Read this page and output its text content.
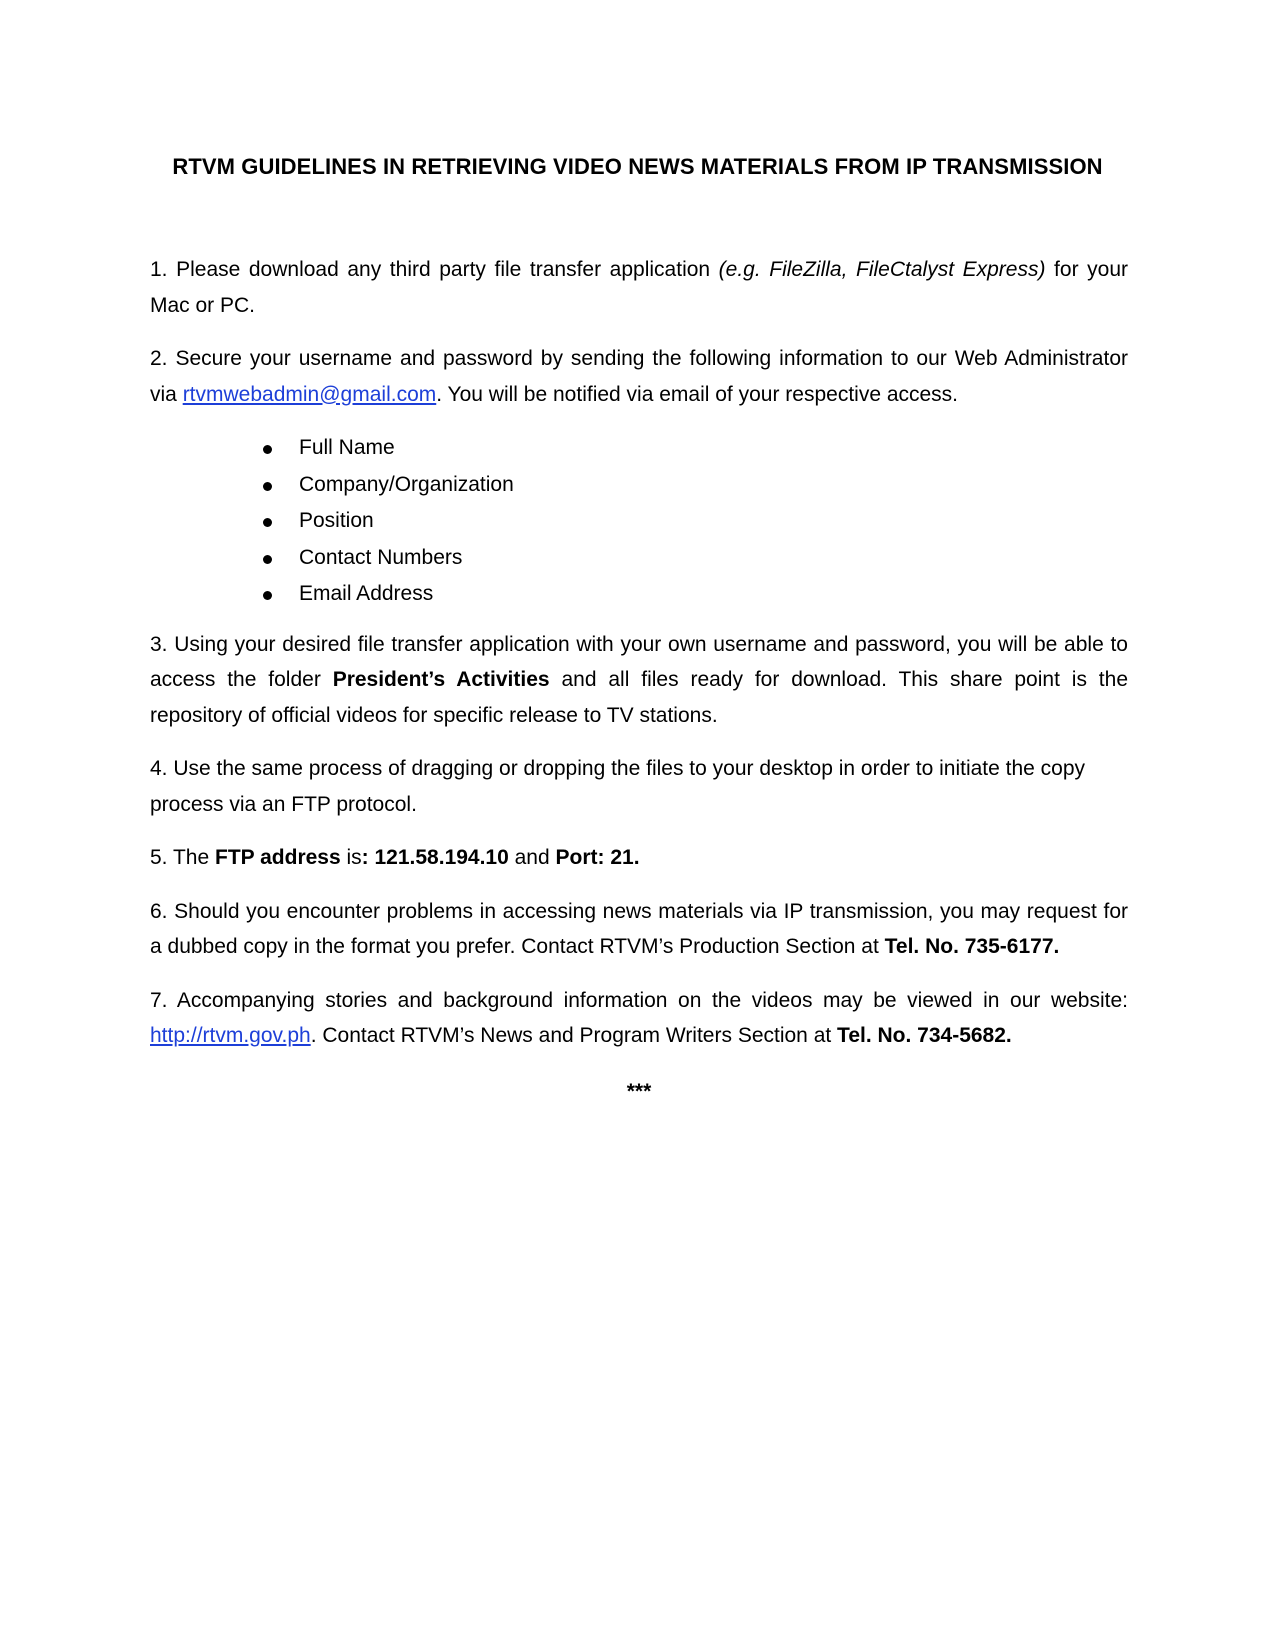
RTVM GUIDELINES IN RETRIEVING VIDEO NEWS MATERIALS FROM IP TRANSMISSION

1. Please download any third party file transfer application (e.g. FileZilla, FileCtalyst Express) for your Mac or PC.

2. Secure your username and password by sending the following information to our Web Administrator via rtvmwebadmin@gmail.com. You will be notified via email of your respective access.

Full Name
Company/Organization
Position
Contact Numbers
Email Address

3. Using your desired file transfer application with your own username and password, you will be able to access the folder President’s Activities and all files ready for download. This share point is the repository of official videos for specific release to TV stations.

4. Use the same process of dragging or dropping the files to your desktop in order to initiate the copy process via an FTP protocol.

5. The FTP address is: 121.58.194.10 and Port: 21.

6. Should you encounter problems in accessing news materials via IP transmission, you may request for a dubbed copy in the format you prefer. Contact RTVM’s Production Section at Tel. No. 735-6177.

7. Accompanying stories and background information on the videos may be viewed in our website: http://rtvm.gov.ph. Contact RTVM’s News and Program Writers Section at Tel. No. 734-5682.

***
